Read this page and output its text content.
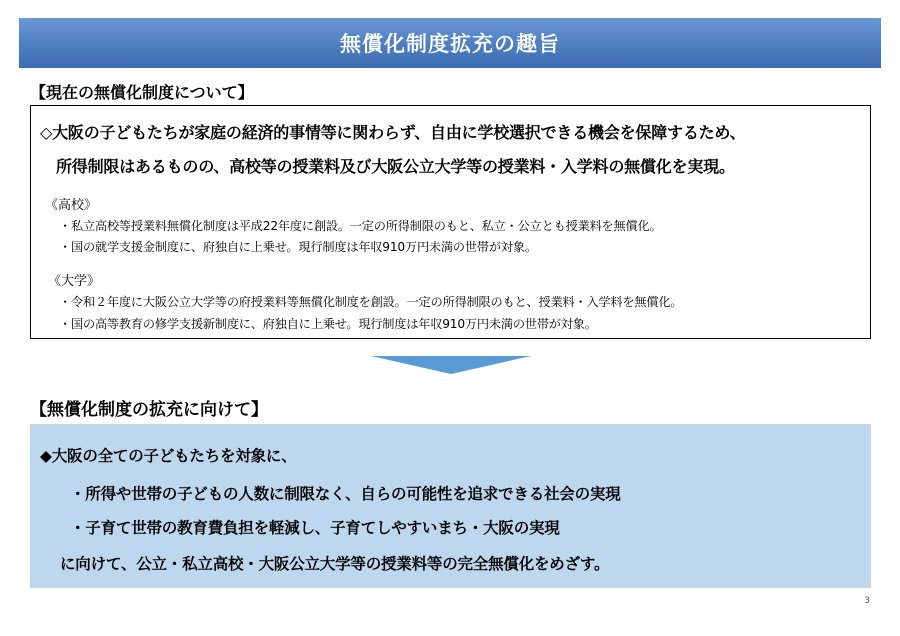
無償化制度拡充の趣旨
【現在の無償化制度について】
◇大阪の子どもたちが家庭の経済的事情等に関わらず、自由に学校選択できる機会を保障するため、
所得制限はあるものの、高校等の授業料及び大阪公立大学等の授業料・入学料の無償化を実現。
《高校》
・私立高校等授業料無償化制度は平成22年度に創設。一定の所得制限のもと、私立・公立とも授業料を無償化。
・国の就学支援金制度に、府独自に上乗せ。現行制度は年収910万円未満の世帯が対象。
《大学》
・令和２年度に大阪公立大学等の府授業料等無償化制度を創設。一定の所得制限のもと、授業料・入学料を無償化。
・国の高等教育の修学支援新制度に、府独自に上乗せ。現行制度は年収910万円未満の世帯が対象。
【無償化制度の拡充に向けて】
◆大阪の全ての子どもたちを対象に、
・所得や世帯の子どもの人数に制限なく、自らの可能性を追求できる社会の実現
・子育て世帯の教育費負担を軽減し、子育てしやすいまち・大阪の実現
に向けて、公立・私立高校・大阪公立大学等の授業料等の完全無償化をめざす。
3
